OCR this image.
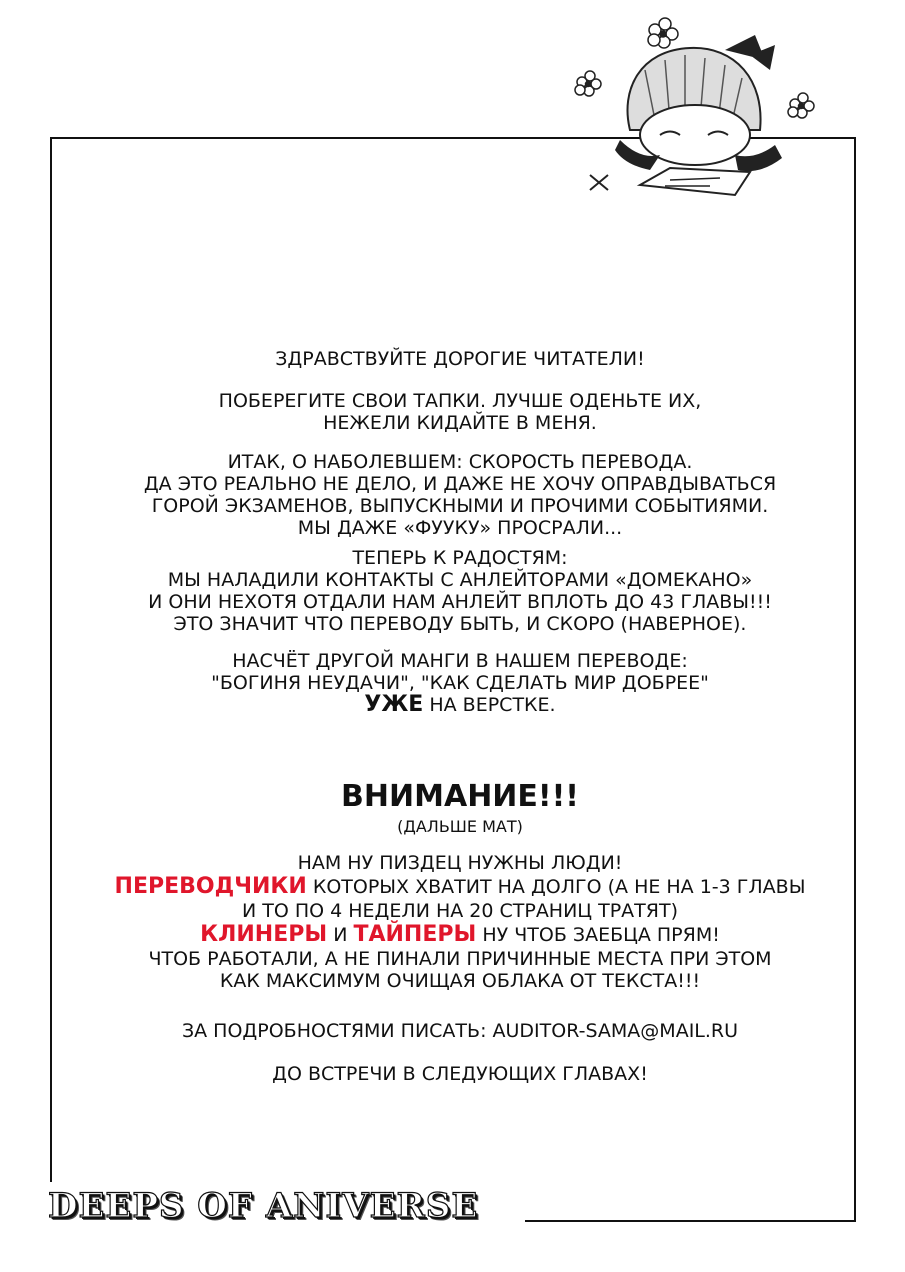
ЗДРАВСТВУЙТЕ ДОРОГИЕ ЧИТАТЕЛИ!
ПОБЕРЕГИТЕ СВОИ ТАПКИ. ЛУЧШЕ ОДЕНЬТЕ ИХ,
НЕЖЕЛИ КИДАЙТЕ В МЕНЯ.
ИТАК, О НАБОЛЕВШЕМ: СКОРОСТЬ ПЕРЕВОДА.
ДА ЭТО РЕАЛЬНО НЕ ДЕЛО, И ДАЖЕ НЕ ХОЧУ ОПРАВДЫВАТЬСЯ
ГОРОЙ ЭКЗАМЕНОВ, ВЫПУСКНЫМИ И ПРОЧИМИ СОБЫТИЯМИ.
МЫ ДАЖЕ «ФУУКУ» ПРОСРАЛИ...
ТЕПЕРЬ К РАДОСТЯМ:
МЫ НАЛАДИЛИ КОНТАКТЫ С АНЛЕЙТОРАМИ «ДОМЕКАНО»
И ОНИ НЕХОТЯ ОТДАЛИ НАМ АНЛЕЙТ ВПЛОТЬ ДО 43 ГЛАВЫ!!!
ЭТО ЗНАЧИТ ЧТО ПЕРЕВОДУ БЫТЬ, И СКОРО (НАВЕРНОЕ).
НАСЧЁТ ДРУГОЙ МАНГИ В НАШЕМ ПЕРЕВОДЕ:
"БОГИНЯ НЕУДАЧИ", "КАК СДЕЛАТЬ МИР ДОБРЕЕ"
УЖЕ НА ВЕРСТКЕ.
ВНИМАНИЕ!!!
(ДАЛЬШЕ МАТ)
НАМ НУ ПИЗДЕЦ НУЖНЫ ЛЮДИ!
ПЕРЕВОДЧИКИ КОТОРЫХ ХВАТИТ НА ДОЛГО (А НЕ НА 1-3 ГЛАВЫ
И ТО ПО 4 НЕДЕЛИ НА 20 СТРАНИЦ ТРАТЯТ)
КЛИНЕРЫ И ТАЙПЕРЫ НУ ЧТОБ ЗАЕБЦА ПРЯМ!
ЧТОБ РАБОТАЛИ, А НЕ ПИНАЛИ ПРИЧИННЫЕ МЕСТА ПРИ ЭТОМ
КАК МАКСИМУМ ОЧИЩАЯ ОБЛАКА ОТ ТЕКСТА!!!
ЗА ПОДРОБНОСТЯМИ ПИСАТЬ: AUDITOR-SAMA@MAIL.RU
ДО ВСТРЕЧИ В СЛЕДУЮЩИХ ГЛАВАХ!
DEEPS OF ANIVERSE
